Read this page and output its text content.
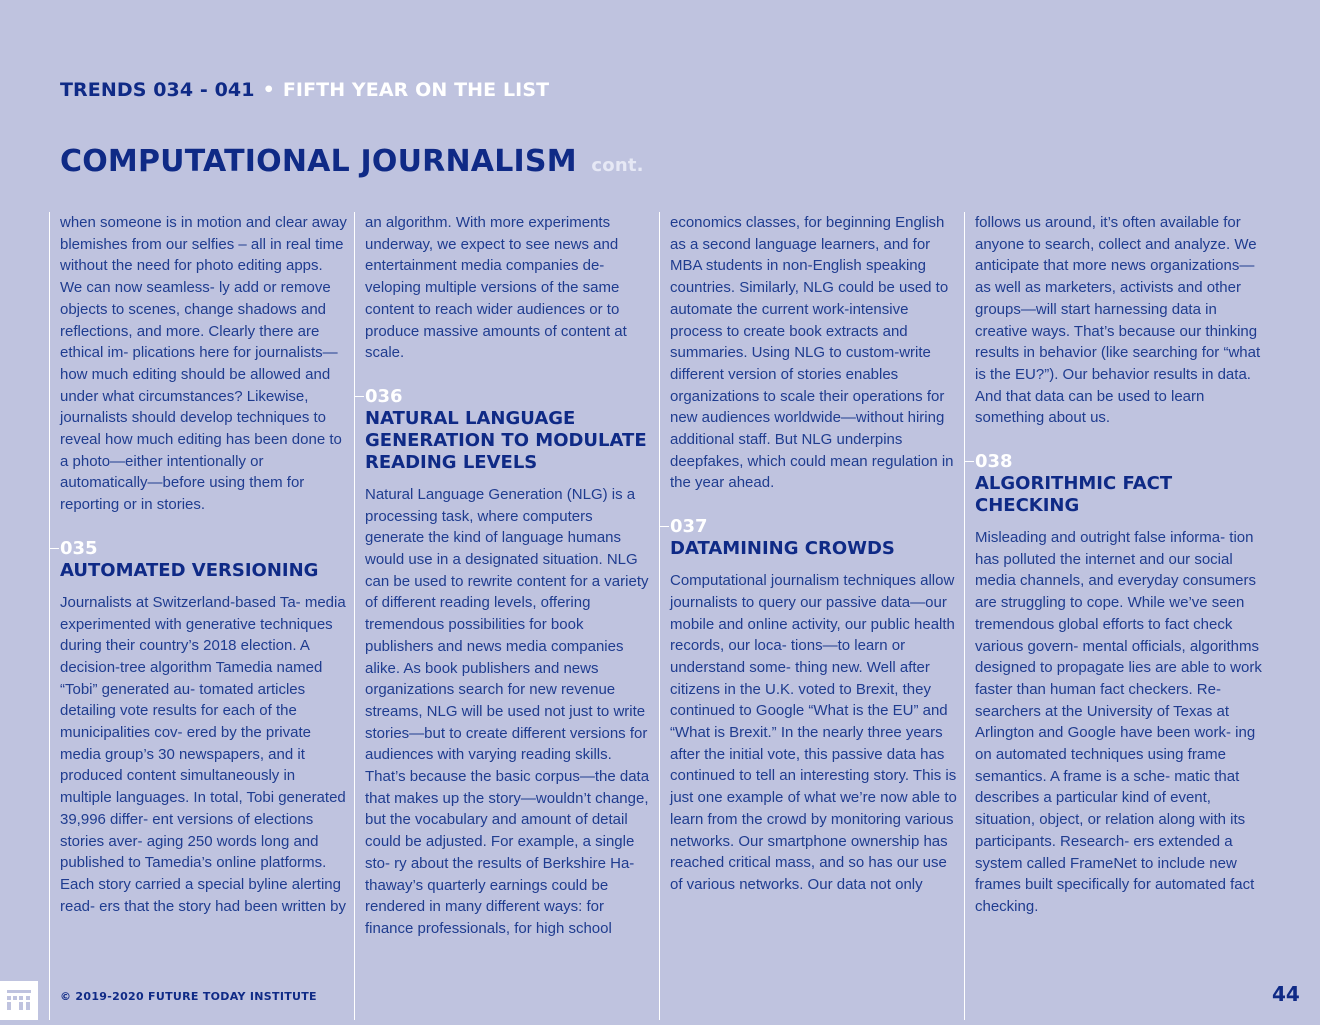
TRENDS 034 - 041 • FIFTH YEAR ON THE LIST
COMPUTATIONAL JOURNALISM cont.

when someone is in motion and clear away blemishes from our selfies – all in real time without the need for photo editing apps. We can now seamless- ly add or remove objects to scenes, change shadows and reflections, and more. Clearly there are ethical im- plications here for journalists—how much editing should be allowed and under what circumstances? Likewise, journalists should develop techniques to reveal how much editing has been done to a photo—either intentionally or automatically—before using them for reporting or in stories.

035
AUTOMATED VERSIONING

Journalists at Switzerland-based Ta- media experimented with generative techniques during their country’s 2018 election. A decision-tree algorithm Tamedia named “Tobi” generated au- tomated articles detailing vote results for each of the municipalities cov- ered by the private media group’s 30 newspapers, and it produced content simultaneously in multiple languages. In total, Tobi generated 39,996 differ- ent versions of elections stories aver- aging 250 words long and published to Tamedia’s online platforms. Each story carried a special byline alerting read- ers that the story had been written by

an algorithm. With more experiments underway, we expect to see news and entertainment media companies de- veloping multiple versions of the same content to reach wider audiences or to produce massive amounts of content at scale.

036
NATURAL LANGUAGE GENERATION TO MODULATE READING LEVELS

Natural Language Generation (NLG) is a processing task, where computers generate the kind of language humans would use in a designated situation. NLG can be used to rewrite content for a variety of different reading levels, offering tremendous possibilities for book publishers and news media companies alike. As book publishers and news organizations search for new revenue streams, NLG will be used not just to write stories—but to create different versions for audiences with varying reading skills. That’s because the basic corpus—the data that makes up the story—wouldn’t change, but the vocabulary and amount of detail could be adjusted. For example, a single sto- ry about the results of Berkshire Ha- thaway’s quarterly earnings could be rendered in many different ways: for finance professionals, for high school

economics classes, for beginning English as a second language learners, and for MBA students in non-English speaking countries. Similarly, NLG could be used to automate the current work-intensive process to create book extracts and summaries. Using NLG to custom-write different version of stories enables organizations to scale their operations for new audiences worldwide—without hiring additional staff. But NLG underpins deepfakes, which could mean regulation in the year ahead.

037
DATAMINING CROWDS

Computational journalism techniques allow journalists to query our passive data—our mobile and online activity, our public health records, our loca- tions—to learn or understand some- thing new. Well after citizens in the U.K. voted to Brexit, they continued to Google “What is the EU” and “What is Brexit.” In the nearly three years after the initial vote, this passive data has continued to tell an interesting story. This is just one example of what we’re now able to learn from the crowd by monitoring various networks. Our smartphone ownership has reached critical mass, and so has our use of various networks. Our data not only

follows us around, it’s often available for anyone to search, collect and analyze. We anticipate that more news organizations—as well as marketers, activists and other groups—will start harnessing data in creative ways. That’s because our thinking results in behavior (like searching for “what is the EU?”). Our behavior results in data. And that data can be used to learn something about us.

038
ALGORITHMIC FACT CHECKING

Misleading and outright false informa- tion has polluted the internet and our social media channels, and everyday consumers are struggling to cope. While we’ve seen tremendous global efforts to fact check various govern- mental officials, algorithms designed to propagate lies are able to work faster than human fact checkers. Re- searchers at the University of Texas at Arlington and Google have been work- ing on automated techniques using frame semantics. A frame is a sche- matic that describes a particular kind of event, situation, object, or relation along with its participants. Research- ers extended a system called FrameNet to include new frames built specifically for automated fact checking.

© 2019-2020 FUTURE TODAY INSTITUTE	44
